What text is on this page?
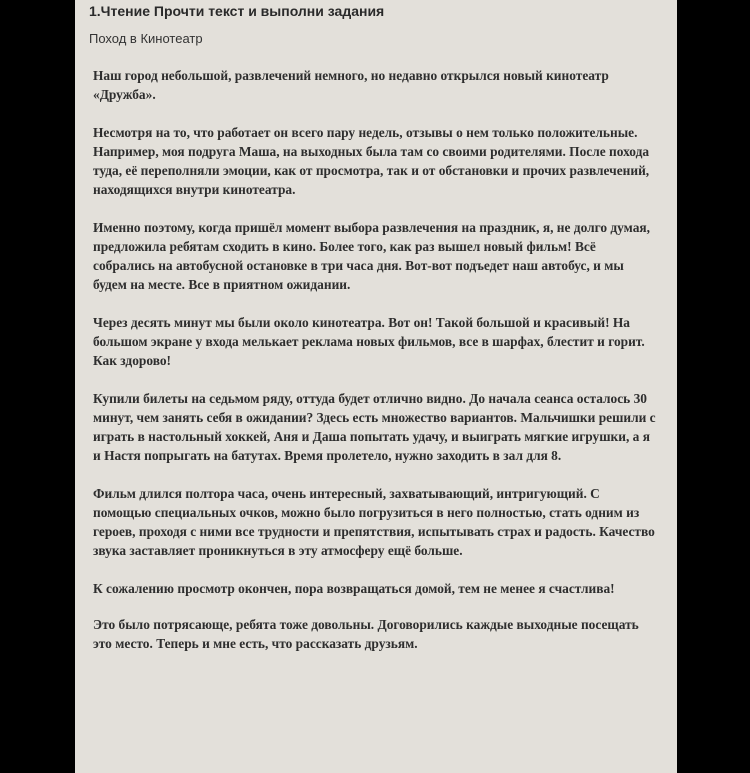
1.Чтение Прочти текст и выполни задания
Поход в Кинотеатр

Наш город небольшой, развлечений немного, но недавно открылся новый кинотеатр «Дружба».

Несмотря на то, что работает он всего пару недель, отзывы о нем только положительные. Например, моя подруга Маша, на выходных была там со своими родителями. После похода туда, её переполняли эмоции, как от просмотра, так и от обстановки и прочих развлечений, находящихся внутри кинотеатра.

Именно поэтому, когда пришёл момент выбора развлечения на праздник, я, не долго думая, предложила ребятам сходить в кино. Более того, как раз вышел новый фильм! Всё собрались на автобусной остановке в три часа дня. Вот-вот подъедет наш автобус, и мы будем на месте. Все в приятном ожидании.

Через десять минут мы были около кинотеатра. Вот он! Такой большой и красивый! На большом экране у входа мелькает реклама новых фильмов, все в шарфах, блестит и горит. Как здорово!

Купили билеты на седьмом ряду, оттуда будет отлично видно. До начала сеанса осталось 30 минут, чем занять себя в ожидании? Здесь есть множество вариантов. Мальчишки решили с играть в настольный хоккей, Аня и Даша попытать удачу, и выиграть мягкие игрушки, а я и Настя попрыгать на батутах. Время пролетело, нужно заходить в зал для 8.

Фильм длился полтора часа, очень интересный, захватывающий, интригующий. С помощью специальных очков, можно было погрузиться в него полностью, стать одним из героев, проходя с ними все трудности и препятствия, испытывать страх и радость. Качество звука заставляет проникнуться в эту атмосферу ещё больше.

К сожалению просмотр окончен, пора возвращаться домой, тем не менее я счастлива!

Это было потрясающе, ребята тоже довольны. Договорились каждые выходные посещать это место. Теперь и мне есть, что рассказать друзьям.
